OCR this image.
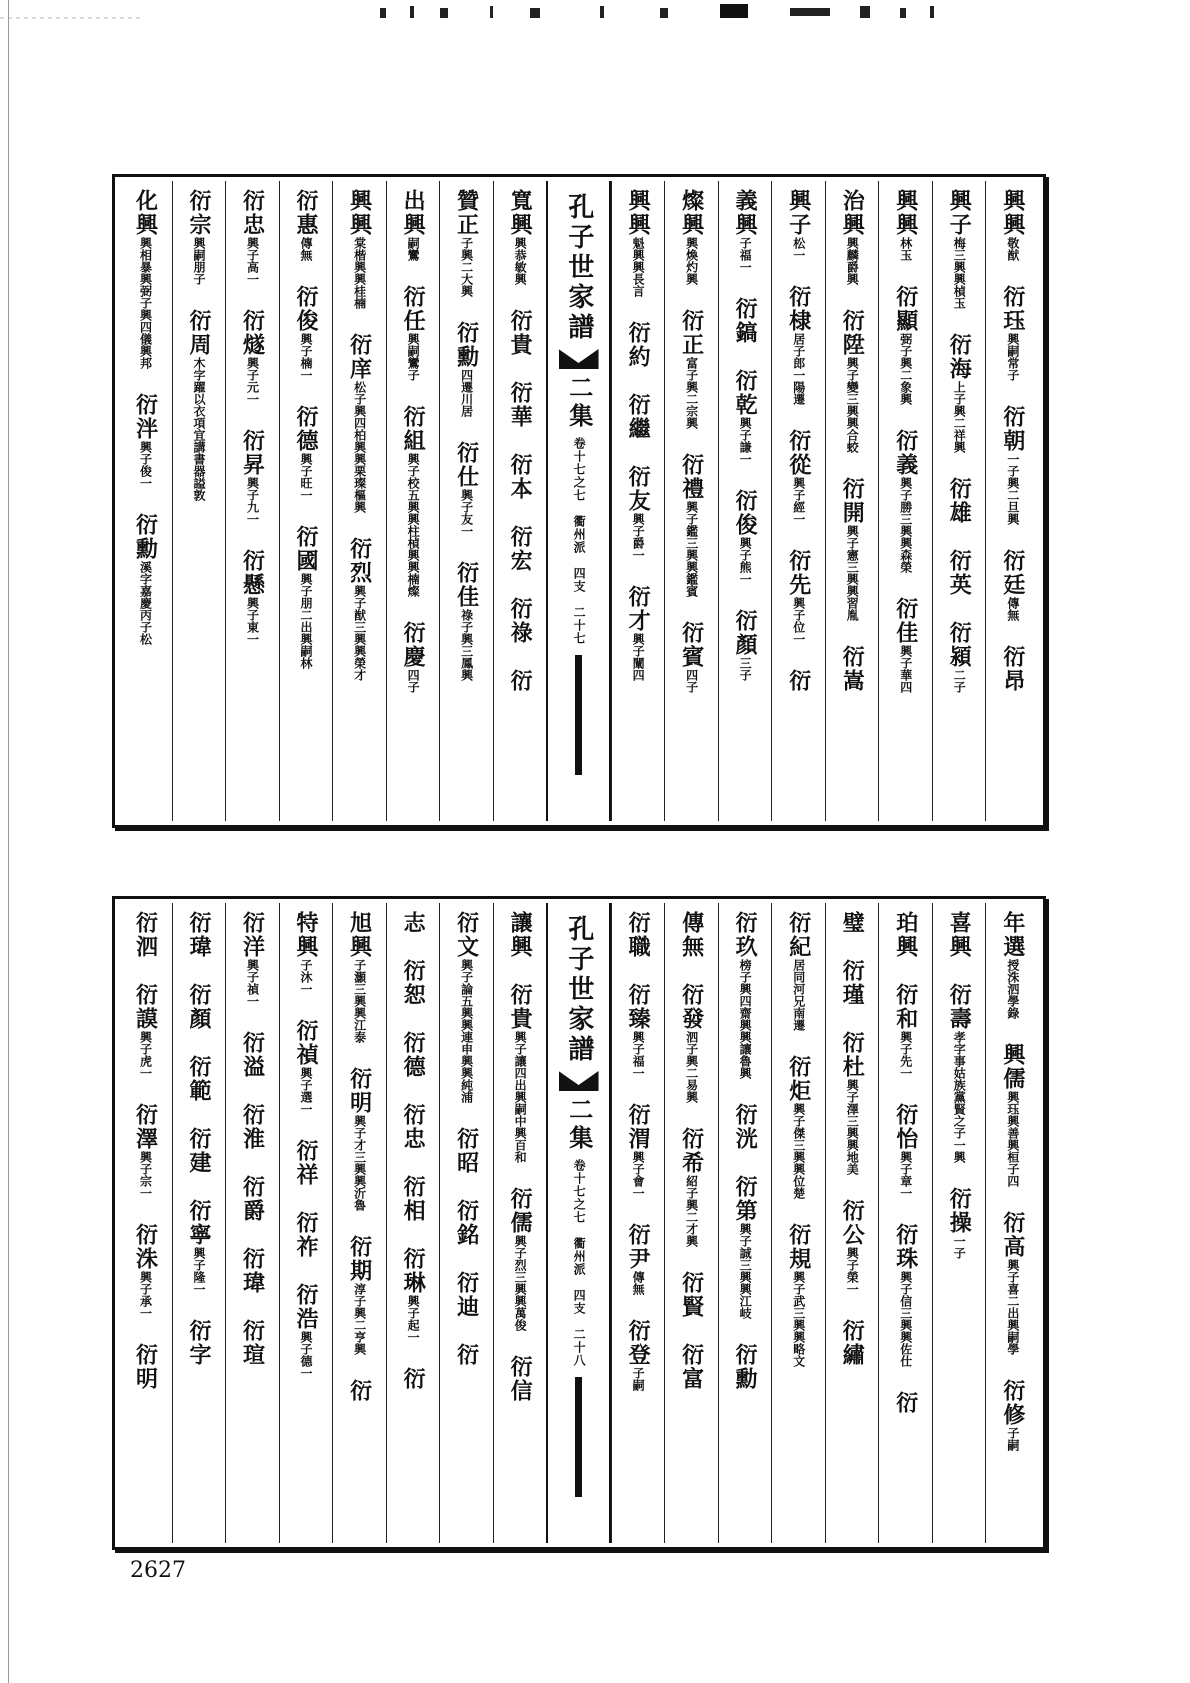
興興敬猷　衍珏興嗣常子　衍朝一子興二旦興　衍廷傳無　衍昂
興子梅三興興楨玉　衍海上子興二祥興　衍雄　衍英　衍潁二子
興興林玉　衍顯弼子興二象興　衍義興子勝三興興森榮　衍佳興子華四
治興興麟爵興　衍陞興子變三興興合蛟　衍開興子憲三興興習胤　衍嵩
興子松一　衍棣居子郎一陽遷　衍從興子經一　衍先興子位一　衍
義興子福一　衍鎬　衍乾興子謙一　衍俊興子熊一　衍顏三子
燦興興煥灼興　衍正富子興二宗興　衍禮興子鑑三興興鑑賓　衍賓四子
興興魁興興長言　衍約　衍繼　衍友興子爵一　衍才興子闡四
孔子世家譜
二集
卷十七之七　衢州派　四支　二十七
寬興興恭敏興　衍貴　衍華　衍本　衍宏　衍祿　衍
贊正子興二大興　衍勳四遷川居　衍仕興子友一　衍佳祿子興三鳳興
出興嗣鸞　衍任興嗣鸞子　衍組興子校五興興柱楨興興楠燦　衍慶四子
興興棠楷興興桂楠　衍庠松子興四柏興興栗璨樞興　衍烈興子猷三興興榮才
衍惠傳無　衍俊興子楠一　衍德興子旺一　衍國興子朋二出興嗣林
衍忠興子高一　衍燧興子元一　衍昇興子九一　衍懸興子東一
衍宗興嗣朋子　衍周木字躍以衣項宜講書器謚敦
化興興相暴興弼子興四儀興邦　衍泮興子俊一　衍勳溪字嘉慶丙子松
年選授洙泗學錄　興儒興珏興善興桓子四　衍高興子喜二出興嗣學　衍修子嗣
喜興　衍壽孝字事姑族黨賢之子一興　衍操一子
珀興　衍和興子先一　衍怡興子章一　衍珠興子信三興興佐仕　衍
璧　衍瑾　衍杜興子澤三興興地美　衍公興子榮一　衍繡
衍紀居同河兄南遷　衍炬興子傑三興興位楚　衍規興子武三興興略文
衍玖榜子興四齋興興讓魯興　衍洸　衍第興子誠三興興江岐　衍勳
傳無　衍發泗子興二易興　衍希紹子興二才興　衍賢　衍富
衍職　衍臻興子福一　衍渭興子會一　衍尹傳無　衍登子嗣
孔子世家譜
二集
卷十七之七　衢州派　四支　二十八
讓興　衍貴興子讓四出興嗣中興百和　衍儒興子烈三興興萬俊　衍信
衍文興子論五興興連申興興純浦　衍昭　衍銘　衍迪　衍
志　衍恕　衍德　衍忠　衍相　衍琳興子起一　衍
旭興子灝三興興江泰　衍明興子才三興興沂魯　衍期淳子興二亨興　衍
特興子沐一　衍禎興子選一　衍祥　衍祚　衍浩興子德一
衍洋興子禎一　衍溢　衍淮　衍爵　衍瑋　衍瑄
衍瑋　衍顏　衍範　衍建　衍寧興子隆一　衍字
衍泗　衍謨興子虎一　衍澤興子宗一　衍洙興子承一　衍明
2627
